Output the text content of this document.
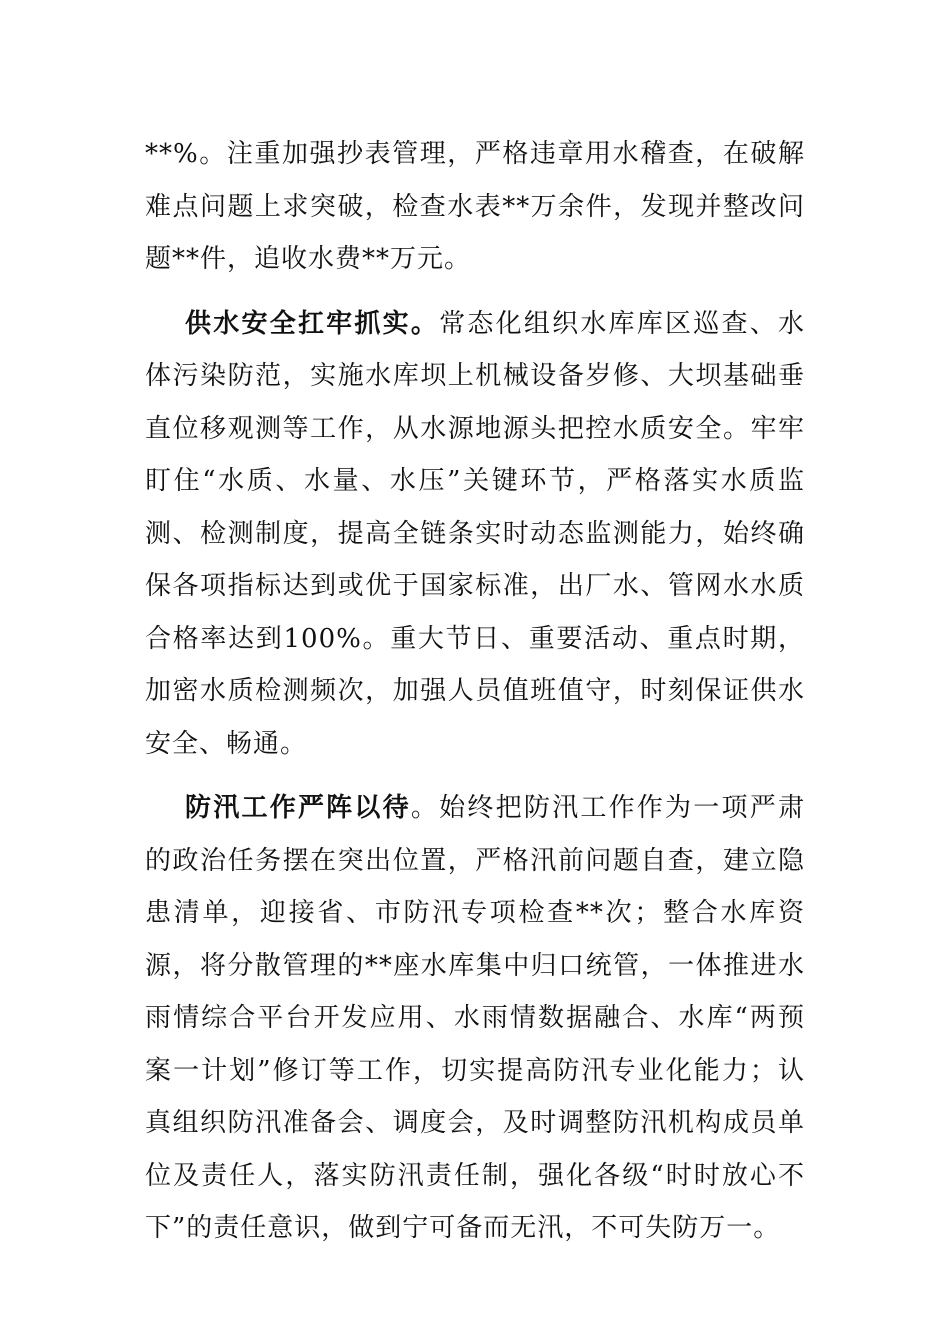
**%。注重加强抄表管理，严格违章用水稽查，在破解难点问题上求突破，检查水表**万余件，发现并整改问题**件，追收水费**万元。

供水安全扛牢抓实。常态化组织水库库区巡查、水体污染防范，实施水库坝上机械设备岁修、大坝基础垂直位移观测等工作，从水源地源头把控水质安全。牢牢盯住“水质、水量、水压”关键环节，严格落实水质监测、检测制度，提高全链条实时动态监测能力，始终确保各项指标达到或优于国家标准，出厂水、管网水水质合格率达到100%。重大节日、重要活动、重点时期，加密水质检测频次，加强人员值班值守，时刻保证供水安全、畅通。

防汛工作严阵以待。始终把防汛工作作为一项严肃的政治任务摆在突出位置，严格汛前问题自查，建立隐患清单，迎接省、市防汛专项检查**次；整合水库资源，将分散管理的**座水库集中归口统管，一体推进水雨情综合平台开发应用、水雨情数据融合、水库“两预案一计划”修订等工作，切实提高防汛专业化能力；认真组织防汛准备会、调度会，及时调整防汛机构成员单位及责任人，落实防汛责任制，强化各级“时时放心不下”的责任意识，做到宁可备而无汛，不可失防万一。
